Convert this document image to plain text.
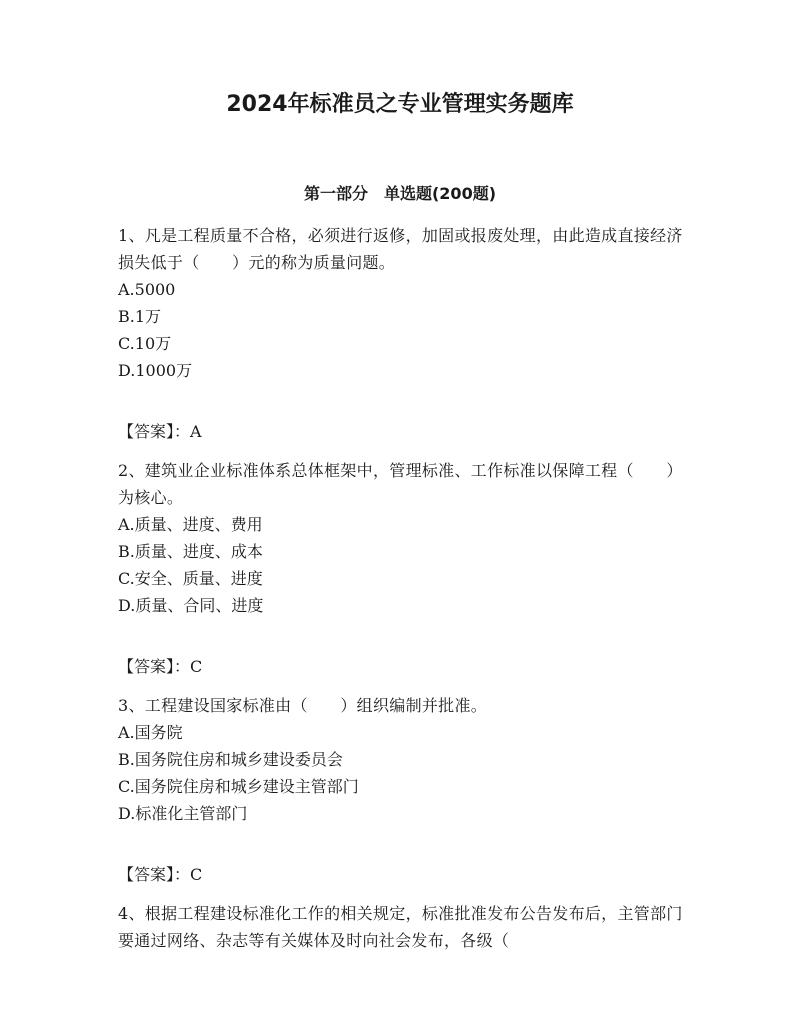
2024年标准员之专业管理实务题库
第一部分　单选题(200题)

1、凡是工程质量不合格，必须进行返修，加固或报废处理，由此造成直接经济损失低于（　　）元的称为质量问题。

A.5000

B.1万

C.10万

D.1000万

【答案】：A

2、建筑业企业标准体系总体框架中，管理标准、工作标准以保障工程（　　）为核心。

A.质量、进度、费用

B.质量、进度、成本

C.安全、质量、进度

D.质量、合同、进度

【答案】：C

3、工程建设国家标准由（　　）组织编制并批准。

A.国务院

B.国务院住房和城乡建设委员会

C.国务院住房和城乡建设主管部门

D.标准化主管部门

【答案】：C

4、根据工程建设标准化工作的相关规定，标准批准发布公告发布后，主管部门要通过网络、杂志等有关媒体及时向社会发布，各级（
